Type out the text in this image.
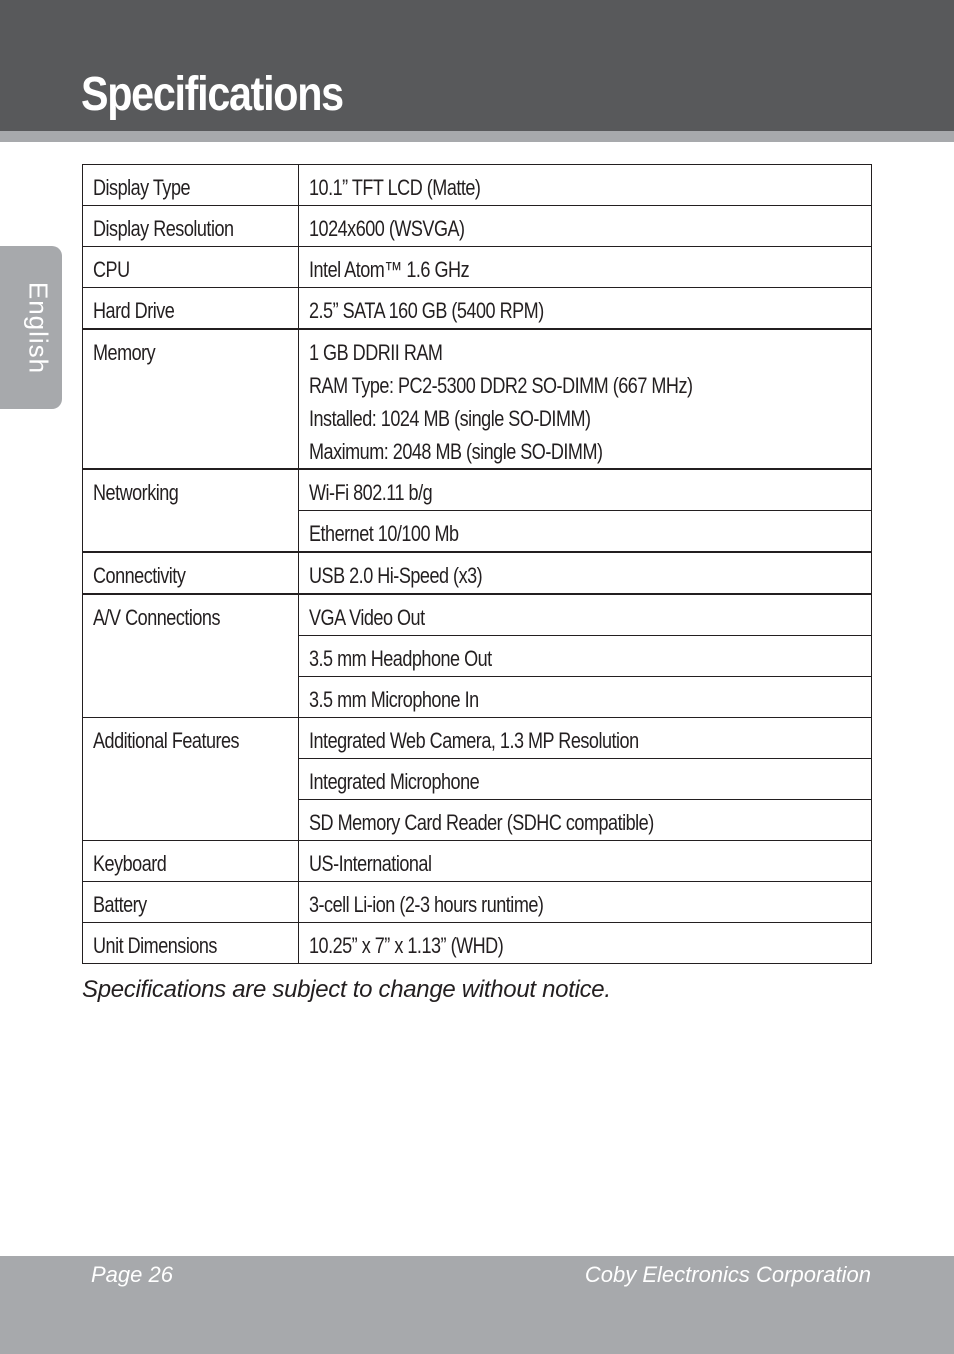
Specifications
English
Display Type	10.1” TFT LCD (Matte)
Display Resolution	1024x600 (WSVGA)
CPU	Intel Atom™ 1.6 GHz
Hard Drive	2.5” SATA 160 GB (5400 RPM)
Memory	1 GB DDRII RAM
RAM Type: PC2-5300 DDR2 SO-DIMM (667 MHz)
Installed: 1024 MB (single SO-DIMM)
Maximum: 2048 MB (single SO-DIMM)
Networking	Wi-Fi 802.11 b/g
	Ethernet 10/100 Mb
Connectivity	USB 2.0 Hi-Speed (x3)
A/V Connections	VGA Video Out
	3.5 mm Headphone Out
	3.5 mm Microphone In
Additional Features	Integrated Web Camera, 1.3 MP Resolution
	Integrated Microphone
	SD Memory Card Reader (SDHC compatible)
Keyboard	US-International
Battery	3-cell Li-ion (2-3 hours runtime)
Unit Dimensions	10.25” x 7” x 1.13” (WHD)
Specifications are subject to change without notice.
Page 26	Coby Electronics Corporation
